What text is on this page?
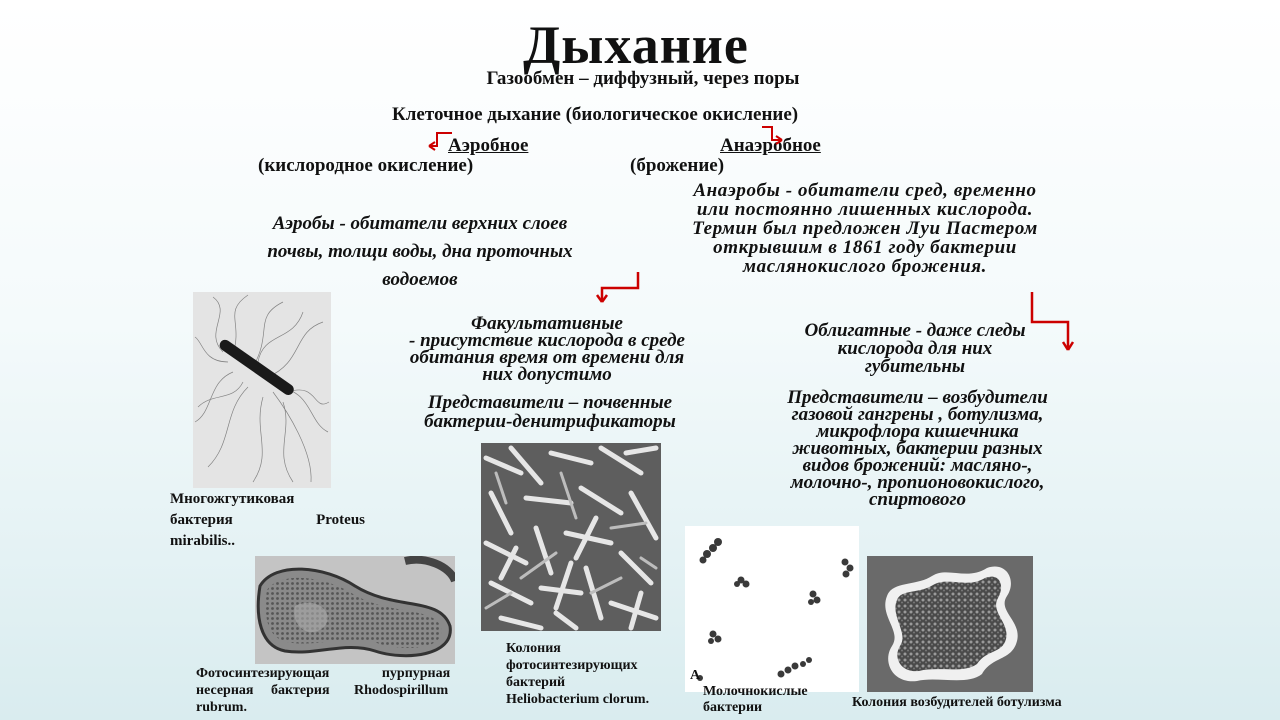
Дыхание
Газообмен – диффузный, через поры
Клеточное дыхание (биологическое окисление)
Аэробное
(кислородное окисление)
Анаэробное
(брожение)
Анаэробы - обитатели сред, временно
или постоянно лишенных кислорода.
Термин был предложен Луи Пастером
открывшим в 1861 году бактерии
маслянокислого брожения.
Аэробы - обитатели верхних слоев
почвы, толщи воды, дна проточных
водоемов
Факультативные
- присутствие кислорода в среде
обитания время от времени для
них допустимо
Представители – почвенные
бактерии-денитрификаторы
Облигатные - даже следы
кислорода для них
губительны
Представители – возбудители
газовой гангрены , ботулизма,
микрофлора кишечника
животных, бактерии разных
видов брожений: масляно-,
молочно-, пропионовокислого,
спиртового
Многожгутиковая
бактерия Proteus
mirabilis..
Фотосинтезирующая               пурпурная
несерная     бактерия       Rhodospirillum
rubrum.
Колония
фотосинтезирующих
бактерий
Heliobacterium clorum.
A
Молочнокислые
бактерии	Колония возбудителей ботулизма
